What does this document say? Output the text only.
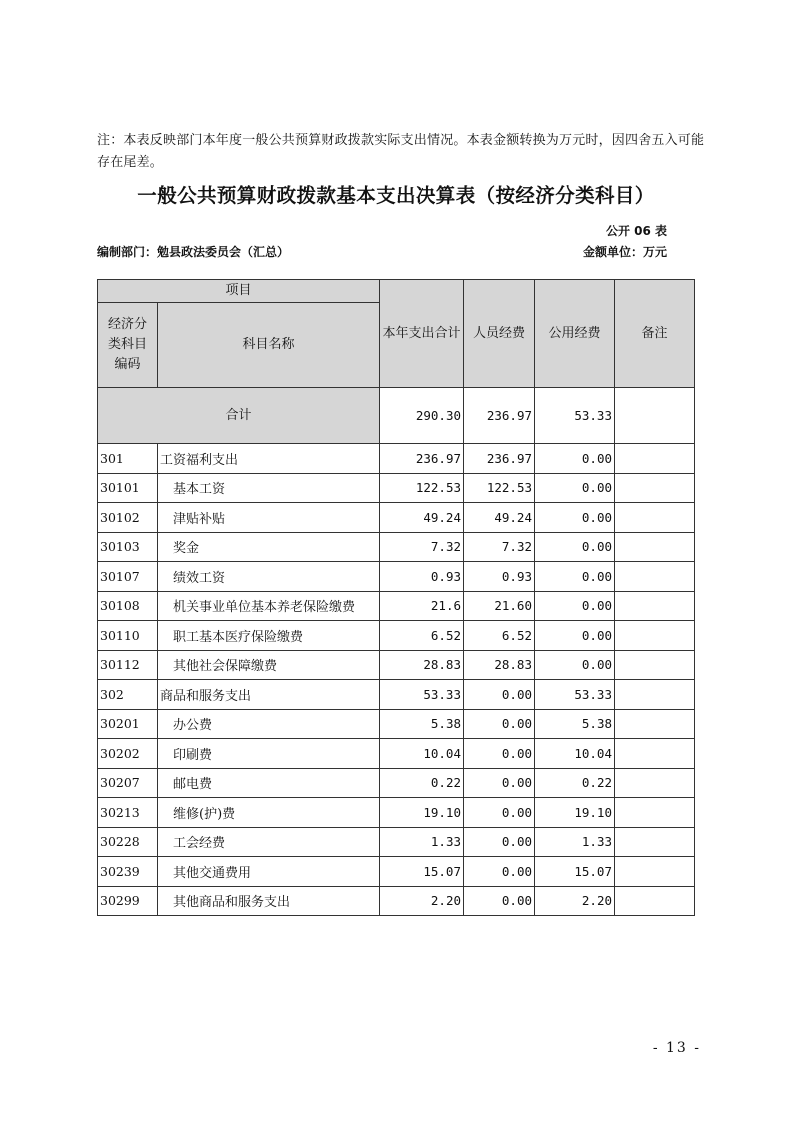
注：本表反映部门本年度一般公共预算财政拨款实际支出情况。本表金额转换为万元时，因四舍五入可能存在尾差。
一般公共预算财政拨款基本支出决算表（按经济分类科目）
公开 06 表
编制部门：勉县政法委员会（汇总）	金额单位：万元
项目		本年支出合计	人员经费	公用经费	备注
经济分类科目编码	科目名称				
合计		290.30	236.97	53.33	
301	工资福利支出	236.97	236.97	0.00	
30101	基本工资	122.53	122.53	0.00	
30102	津贴补贴	49.24	49.24	0.00	
30103	奖金	7.32	7.32	0.00	
30107	绩效工资	0.93	0.93	0.00	
30108	机关事业单位基本养老保险缴费	21.6	21.60	0.00	
30110	职工基本医疗保险缴费	6.52	6.52	0.00	
30112	其他社会保障缴费	28.83	28.83	0.00	
302	商品和服务支出	53.33	0.00	53.33	
30201	办公费	5.38	0.00	5.38	
30202	印刷费	10.04	0.00	10.04	
30207	邮电费	0.22	0.00	0.22	
30213	维修(护)费	19.10	0.00	19.10	
30228	工会经费	1.33	0.00	1.33	
30239	其他交通费用	15.07	0.00	15.07	
30299	其他商品和服务支出	2.20	0.00	2.20	
- 13 -
